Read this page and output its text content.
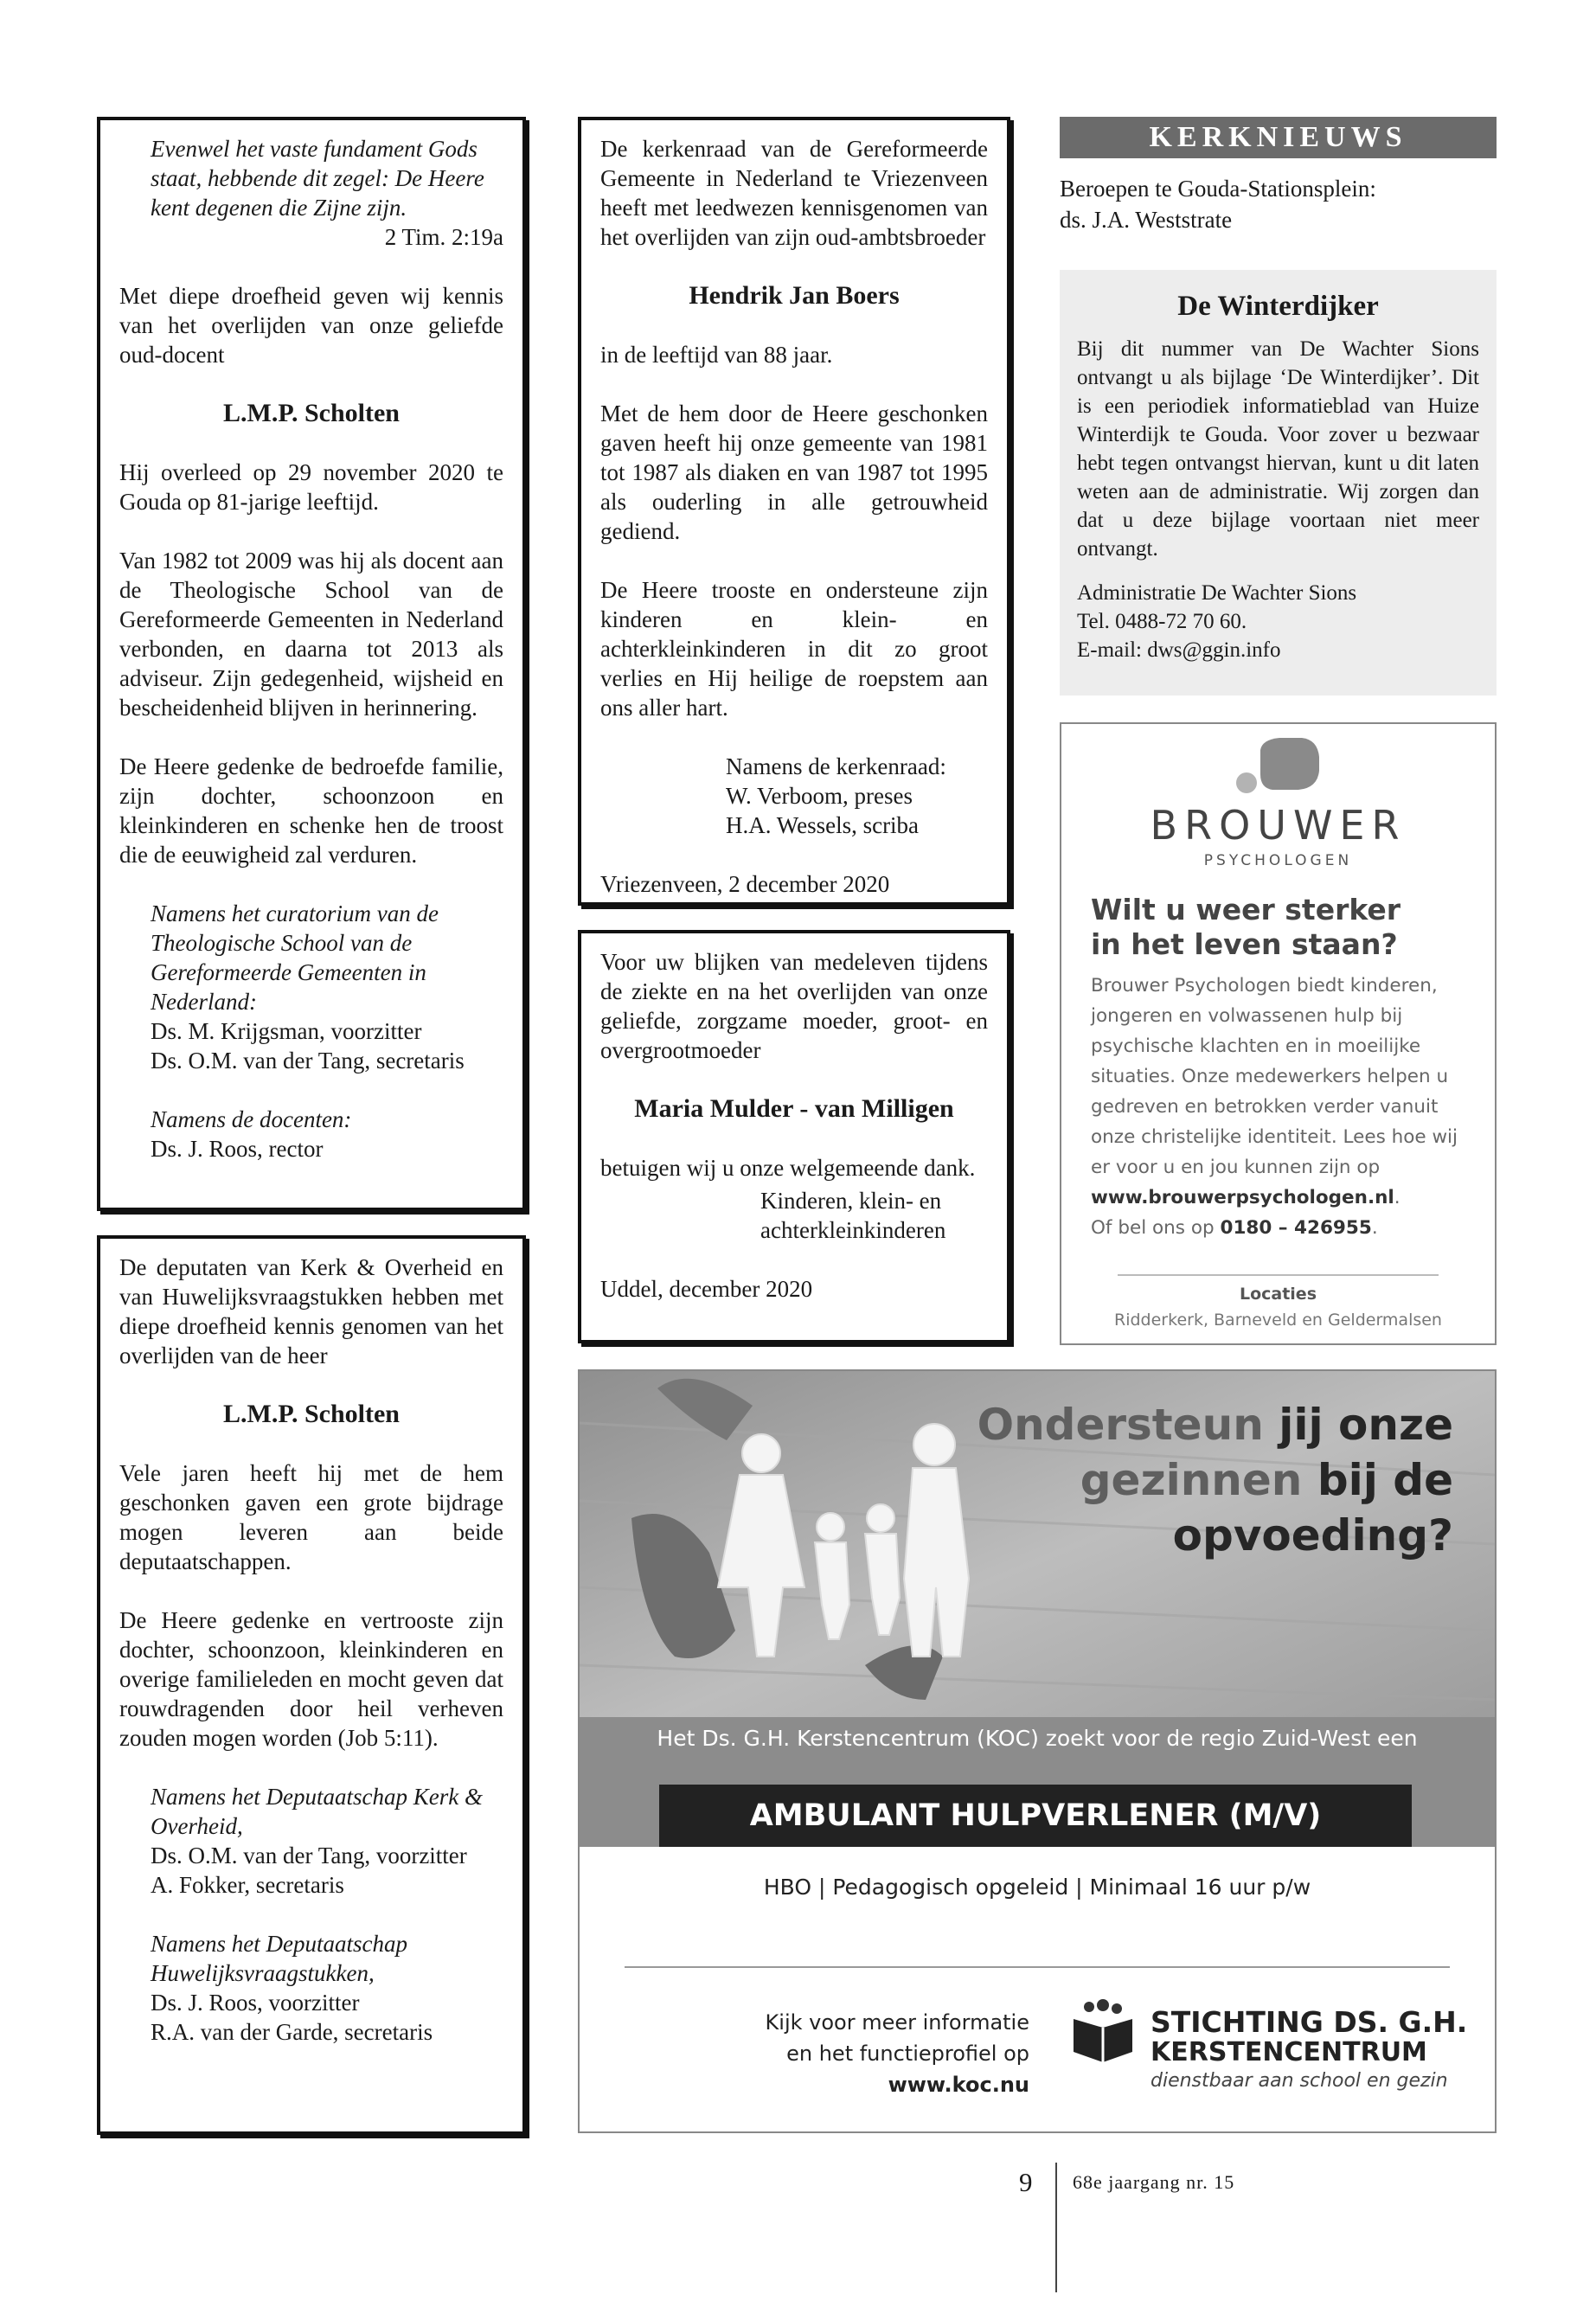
Evenwel het vaste fundament Gods staat, hebbende dit zegel: De Heere kent degenen die Zijne zijn.

2 Tim. 2:19a

Met diepe droefheid geven wij kennis van het overlijden van onze geliefde oud-docent

L.M.P. Scholten

Hij overleed op 29 november 2020 te Gouda op 81-jarige leeftijd.

Van 1982 tot 2009 was hij als docent aan de Theologische School van de Gereformeerde Gemeenten in Nederland verbonden, en daarna tot 2013 als adviseur. Zijn gedegenheid, wijsheid en bescheidenheid blijven in herinnering.

De Heere gedenke de bedroefde familie, zijn dochter, schoonzoon en kleinkinderen en schenke hen de troost die de eeuwigheid zal verduren.

Namens het curatorium van de Theologische School van de Gereformeerde Gemeenten in Nederland:
Ds. M. Krijgsman, voorzitter
Ds. O.M. van der Tang, secretaris
Namens de docenten:
Ds. J. Roos, rector

De deputaten van Kerk & Overheid en van Huwelijksvraagstukken hebben met diepe droefheid kennis genomen van het overlijden van de heer

L.M.P. Scholten

Vele jaren heeft hij met de hem geschonken gaven een grote bijdrage mogen leveren aan beide deputaatschappen.

De Heere gedenke en vertrooste zijn dochter, schoonzoon, kleinkinderen en overige familieleden en mocht geven dat rouwdragenden door heil verheven zouden mogen worden (Job 5:11).

Namens het Deputaatschap Kerk & Overheid,
Ds. O.M. van der Tang, voorzitter
A. Fokker, secretaris
Namens het Deputaatschap Huwelijksvraagstukken,
Ds. J. Roos, voorzitter
R.A. van der Garde, secretaris

De kerkenraad van de Gereformeerde Gemeente in Nederland te Vriezenveen heeft met leedwezen kennisgenomen van het overlijden van zijn oud-ambtsbroeder

Hendrik Jan Boers

in de leeftijd van 88 jaar.

Met de hem door de Heere geschonken gaven heeft hij onze gemeente van 1981 tot 1987 als diaken en van 1987 tot 1995 als ouderling in alle getrouwheid gediend.

De Heere trooste en ondersteune zijn kinderen en klein- en achterkleinkinderen in dit zo groot verlies en Hij heilige de roepstem aan ons aller hart.

Namens de kerkenraad:
W. Verboom, preses
H.A. Wessels, scriba
Vriezenveen, 2 december 2020

Voor uw blijken van medeleven tijdens de ziekte en na het overlijden van onze geliefde, zorgzame moeder, groot- en overgrootmoeder

Maria Mulder - van Milligen

betuigen wij u onze welgemeende dank.

Kinderen, klein- en
achterkleinkinderen
Uddel, december 2020
KERKNIEUWS
Beroepen te Gouda-Stationsplein:
ds. J.A. Weststrate
De Winterdijker

Bij dit nummer van De Wachter Sions ontvangt u als bijlage ‘De Winterdijker’. Dit is een periodiek informatieblad van Huize Winterdijk te Gouda. Voor zover u bezwaar hebt tegen ontvangst hiervan, kunt u dit laten weten aan de administratie. Wij zorgen dan dat u deze bijlage voortaan niet meer ontvangt.

Administratie De Wachter Sions
Tel. 0488-72 70 60.
E-mail: dws@ggin.info
BROUWER
PSYCHOLOGEN
Wilt u weer sterker
in het leven staan?
Brouwer Psychologen biedt kinderen, jongeren en volwassenen hulp bij psychische klachten en in moeilijke situaties. Onze medewerkers helpen u gedreven en betrokken verder vanuit onze christelijke identiteit. Lees hoe wij er voor u en jou kunnen zijn op www.brouwerpsychologen.nl.
Of bel ons op 0180 – 426955.
Locaties
Ridderkerk, Barneveld en Geldermalsen
Ondersteun jij onze
gezinnen bij de
opvoeding?
Het Ds. G.H. Kerstencentrum (KOC) zoekt voor de regio Zuid-West een
AMBULANT HULPVERLENER (M/V)
HBO | Pedagogisch opgeleid | Minimaal 16 uur p/w
Kijk voor meer informatie
en het functieprofiel op
www.koc.nu
STICHTING DS. G.H.
KERSTENCENTRUM
dienstbaar aan school en gezin
9 68e jaargang nr. 15
